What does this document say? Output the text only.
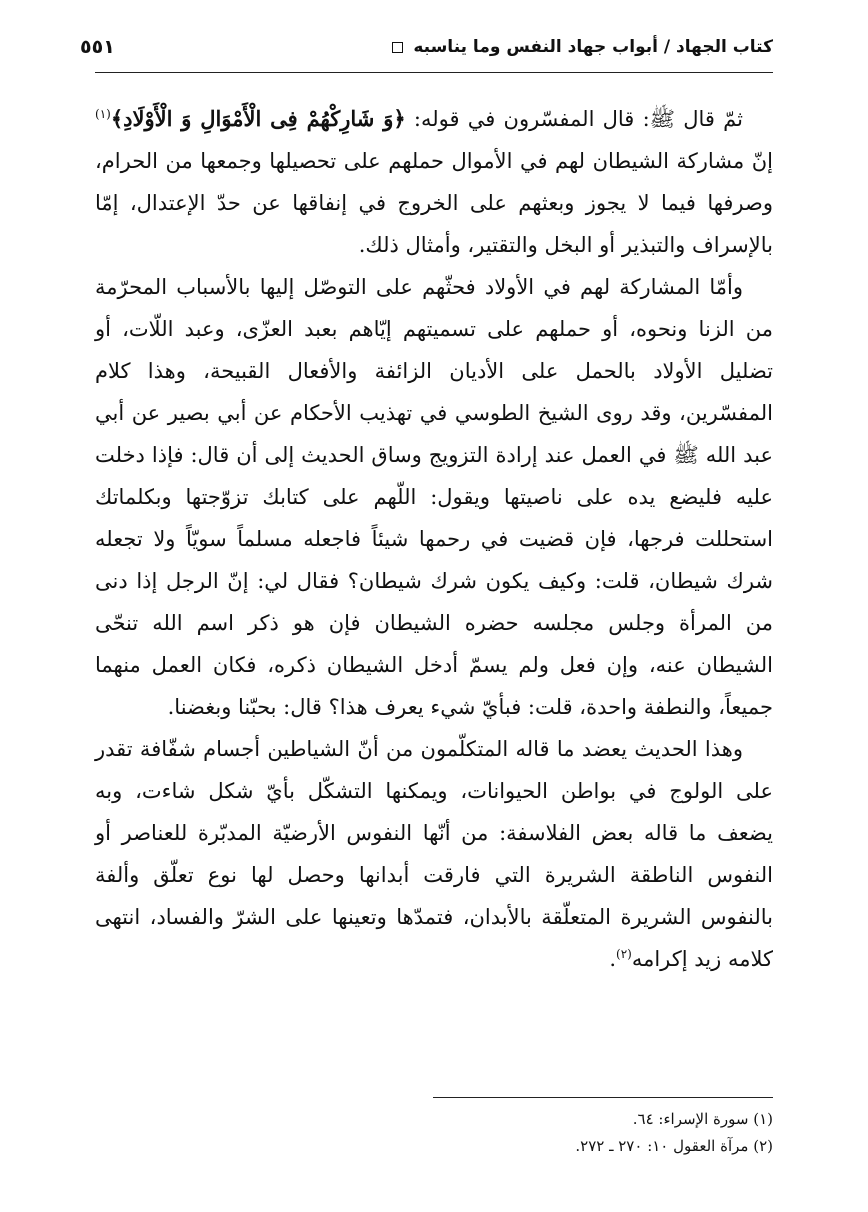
كتاب الجهاد / أبواب جهاد النفس وما يناسبه
٥٥١

ثمّ قال ﷺ: قال المفسّرون في قوله: ﴿وَ شَارِكْهُمْ فِى الْأَمْوَالِ وَ الْأَوْلَادِ﴾$^{(١)}$ إنّ مشاركة الشيطان لهم في الأموال حملهم على تحصيلها وجمعها من الحرام، وصرفها فيما لا يجوز وبعثهم على الخروج في إنفاقها عن حدّ الإعتدال، إمّا بالإسراف والتبذير أو البخل والتقتير، وأمثال ذلك.

وأمّا المشاركة لهم في الأولاد فحثّهم على التوصّل إليها بالأسباب المحرّمة من الزنا ونحوه، أو حملهم على تسميتهم إيّاهم بعبد العزّى، وعبد اللّات، أو تضليل الأولاد بالحمل على الأديان الزائفة والأفعال القبيحة، وهذا كلام المفسّرين، وقد روى الشيخ الطوسي في تهذيب الأحكام عن أبي بصير عن أبي عبد الله ﷺ في العمل عند إرادة التزويج وساق الحديث إلى أن قال: فإذا دخلت عليه فليضع يده على ناصيتها ويقول: اللّهم على كتابك تزوّجتها وبكلماتك استحللت فرجها، فإن قضيت في رحمها شيئاً فاجعله مسلماً سويّاً ولا تجعله شرك شيطان، قلت: وكيف يكون شرك شيطان؟ فقال لي: إنّ الرجل إذا دنى من المرأة وجلس مجلسه حضره الشيطان فإن هو ذكر اسم الله تنحّى الشيطان عنه، وإن فعل ولم يسمّ أدخل الشيطان ذكره، فكان العمل منهما جميعاً، والنطفة واحدة، قلت: فبأيّ شيء يعرف هذا؟ قال: بحبّنا وبغضنا.

وهذا الحديث يعضد ما قاله المتكلّمون من أنّ الشياطين أجسام شفّافة تقدر على الولوج في بواطن الحيوانات، ويمكنها التشكّل بأيّ شكل شاءت، وبه يضعف ما قاله بعض الفلاسفة: من أنّها النفوس الأرضيّة المدبّرة للعناصر أو النفوس الناطقة الشريرة التي فارقت أبدانها وحصل لها نوع تعلّق وألفة بالنفوس الشريرة المتعلّقة بالأبدان، فتمدّها وتعينها على الشرّ والفساد، انتهى كلامه زيد إكرامه$^{(٢)}$.

(١) سورة الإسراء: ٦٤.
(٢) مرآة العقول ١٠: ٢٧٠ ـ ٢٧٢.
